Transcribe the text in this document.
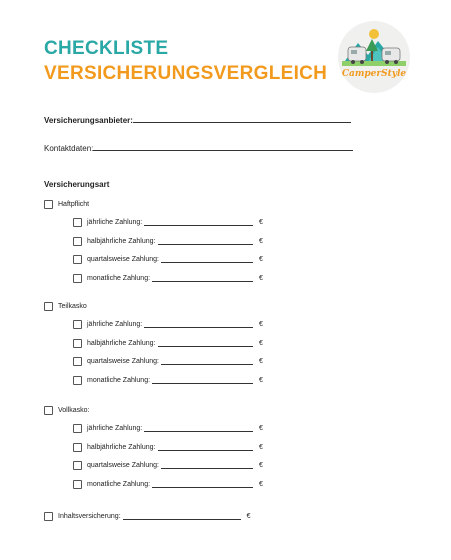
CHECKLISTE
VERSICHERUNGSVERGLEICH	CamperStyle
Versicherungsanbieter:
Kontaktdaten:
Versicherungsart
Haftpflicht
jährliche Zahlung:	€
halbjährliche Zahlung:	€
quartalsweise Zahlung:	€
monatliche Zahlung:	€
Teilkasko
jährliche Zahlung:	€
halbjährliche Zahlung:	€
quartalsweise Zahlung:	€
monatliche Zahlung:	€
Vollkasko:
jährliche Zahlung:	€
halbjährliche Zahlung:	€
quartalsweise Zahlung:	€
monatliche Zahlung:	€
Inhaltsversicherung:	€
